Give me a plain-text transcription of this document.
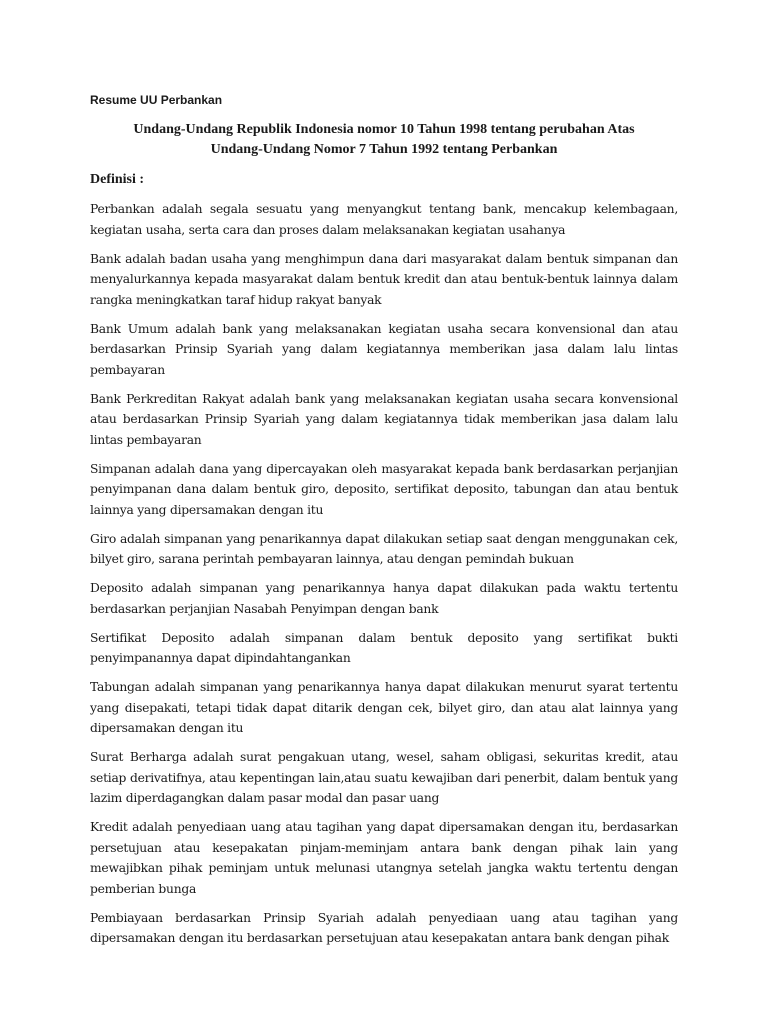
Resume UU Perbankan
Undang-Undang Republik Indonesia nomor 10 Tahun 1998 tentang perubahan Atas
Undang-Undang Nomor 7 Tahun 1992 tentang Perbankan
Definisi :

Perbankan adalah segala sesuatu yang menyangkut tentang bank, mencakup kelembagaan, kegiatan usaha, serta cara dan proses dalam melaksanakan kegiatan usahanya

Bank adalah badan usaha yang menghimpun dana dari masyarakat dalam bentuk simpanan dan menyalurkannya kepada masyarakat dalam bentuk kredit dan atau bentuk-bentuk lainnya dalam rangka meningkatkan taraf hidup rakyat banyak

Bank Umum adalah bank yang melaksanakan kegiatan usaha secara konvensional dan atau berdasarkan Prinsip Syariah yang dalam kegiatannya memberikan jasa dalam lalu lintas pembayaran

Bank Perkreditan Rakyat adalah bank yang melaksanakan kegiatan usaha secara konvensional atau berdasarkan Prinsip Syariah yang dalam kegiatannya tidak memberikan jasa dalam lalu lintas pembayaran

Simpanan adalah dana yang dipercayakan oleh masyarakat kepada bank berdasarkan perjanjian penyimpanan dana dalam bentuk giro, deposito, sertifikat deposito, tabungan dan atau bentuk lainnya yang dipersamakan dengan itu

Giro adalah simpanan yang penarikannya dapat dilakukan setiap saat dengan menggunakan cek, bilyet giro, sarana perintah pembayaran lainnya, atau dengan pemindah bukuan

Deposito adalah simpanan yang penarikannya hanya dapat dilakukan pada waktu tertentu berdasarkan perjanjian Nasabah Penyimpan dengan bank

Sertifikat Deposito adalah simpanan dalam bentuk deposito yang sertifikat bukti penyimpanannya dapat dipindahtangankan

Tabungan adalah simpanan yang penarikannya hanya dapat dilakukan menurut syarat tertentu yang disepakati, tetapi tidak dapat ditarik dengan cek, bilyet giro, dan atau alat lainnya yang dipersamakan dengan itu

Surat Berharga adalah surat pengakuan utang, wesel, saham obligasi, sekuritas kredit, atau setiap derivatifnya, atau kepentingan lain,atau suatu kewajiban dari penerbit, dalam bentuk yang lazim diperdagangkan dalam pasar modal dan pasar uang

Kredit adalah penyediaan uang atau tagihan yang dapat dipersamakan dengan itu, berdasarkan persetujuan atau kesepakatan pinjam-meminjam antara bank dengan pihak lain yang mewajibkan pihak peminjam untuk melunasi utangnya setelah jangka waktu tertentu dengan pemberian bunga

Pembiayaan berdasarkan Prinsip Syariah adalah penyediaan uang atau tagihan yang dipersamakan dengan itu berdasarkan persetujuan atau kesepakatan antara bank dengan pihak
